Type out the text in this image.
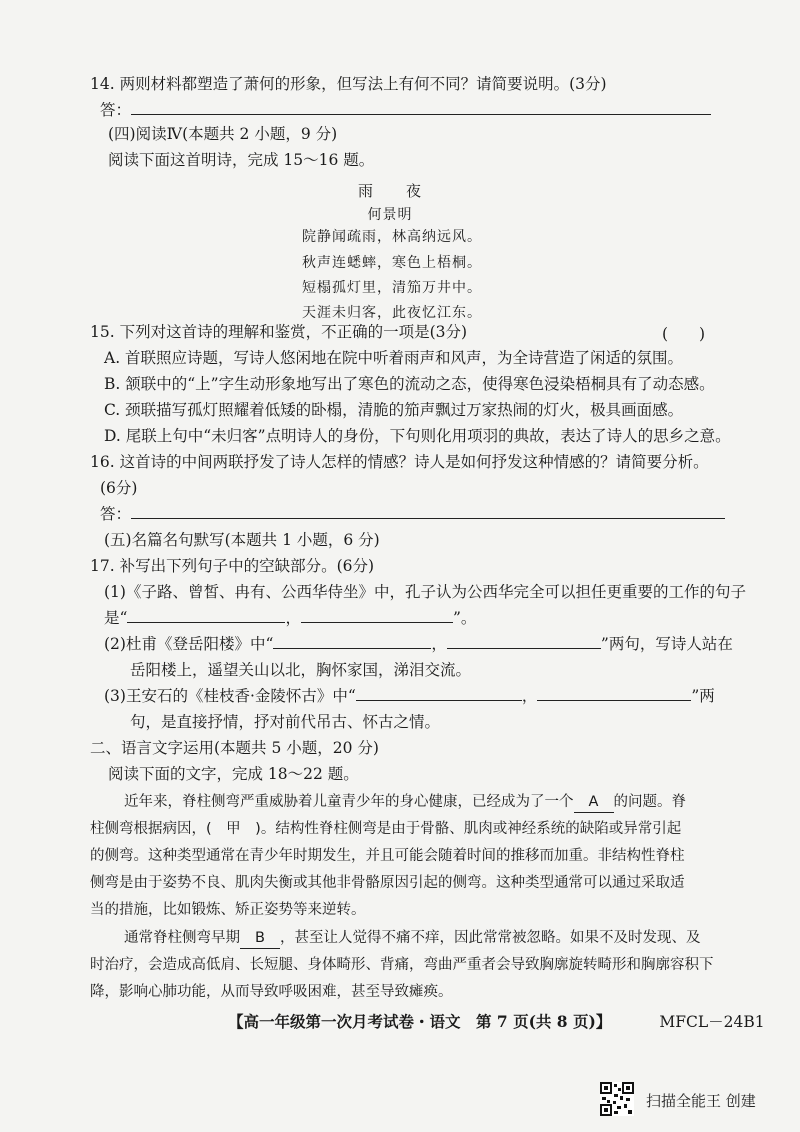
14. 两则材料都塑造了萧何的形象，但写法上有何不同？请简要说明。(3分)
答：
(四)阅读Ⅳ(本题共 2 小题，9 分)
阅读下面这首明诗，完成 15～16 题。
雨　　夜
何景明
院静闻疏雨，林高纳远风。
秋声连蟋蟀，寒色上梧桐。
短榻孤灯里，清笳万井中。
天涯未归客，此夜忆江东。
15. 下列对这首诗的理解和鉴赏，不正确的一项是(3分)	(　　)
A. 首联照应诗题，写诗人悠闲地在院中听着雨声和风声，为全诗营造了闲适的氛围。
B. 颔联中的“上”字生动形象地写出了寒色的流动之态，使得寒色浸染梧桐具有了动态感。
C. 颈联描写孤灯照耀着低矮的卧榻，清脆的笳声飘过万家热闹的灯火，极具画面感。
D. 尾联上句中“未归客”点明诗人的身份，下句则化用项羽的典故，表达了诗人的思乡之意。
16. 这首诗的中间两联抒发了诗人怎样的情感？诗人是如何抒发这种情感的？请简要分析。
(6分)
答：
(五)名篇名句默写(本题共 1 小题，6 分)
17. 补写出下列句子中的空缺部分。(6分)
(1)《子路、曾皙、冉有、公西华侍坐》中，孔子认为公西华完全可以担任更重要的工作的句子
是“	，	”。
(2)杜甫《登岳阳楼》中“	，	”两句，写诗人站在
岳阳楼上，遥望关山以北，胸怀家国，涕泪交流。
(3)王安石的《桂枝香·金陵怀古》中“	，	”两
句，是直接抒情，抒对前代吊古、怀古之情。
二、语言文字运用(本题共 5 小题，20 分)
阅读下面的文字，完成 18～22 题。
近年来，脊柱侧弯严重威胁着儿童青少年的身心健康，已经成为了一个 A 的问题。脊
柱侧弯根据病因，(　甲　)。结构性脊柱侧弯是由于骨骼、肌肉或神经系统的缺陷或异常引起
的侧弯。这种类型通常在青少年时期发生，并且可能会随着时间的推移而加重。非结构性脊柱
侧弯是由于姿势不良、肌肉失衡或其他非骨骼原因引起的侧弯。这种类型通常可以通过采取适
当的措施，比如锻炼、矫正姿势等来逆转。
通常脊柱侧弯早期 B ，甚至让人觉得不痛不痒，因此常常被忽略。如果不及时发现、及
时治疗，会造成高低肩、长短腿、身体畸形、背痛，弯曲严重者会导致胸廓旋转畸形和胸廓容积下
降，影响心肺功能，从而导致呼吸困难，甚至导致瘫痪。
【高一年级第一次月考试卷・语文　第 7 页(共 8 页)】	MFCL－24B1
扫描全能王 创建
